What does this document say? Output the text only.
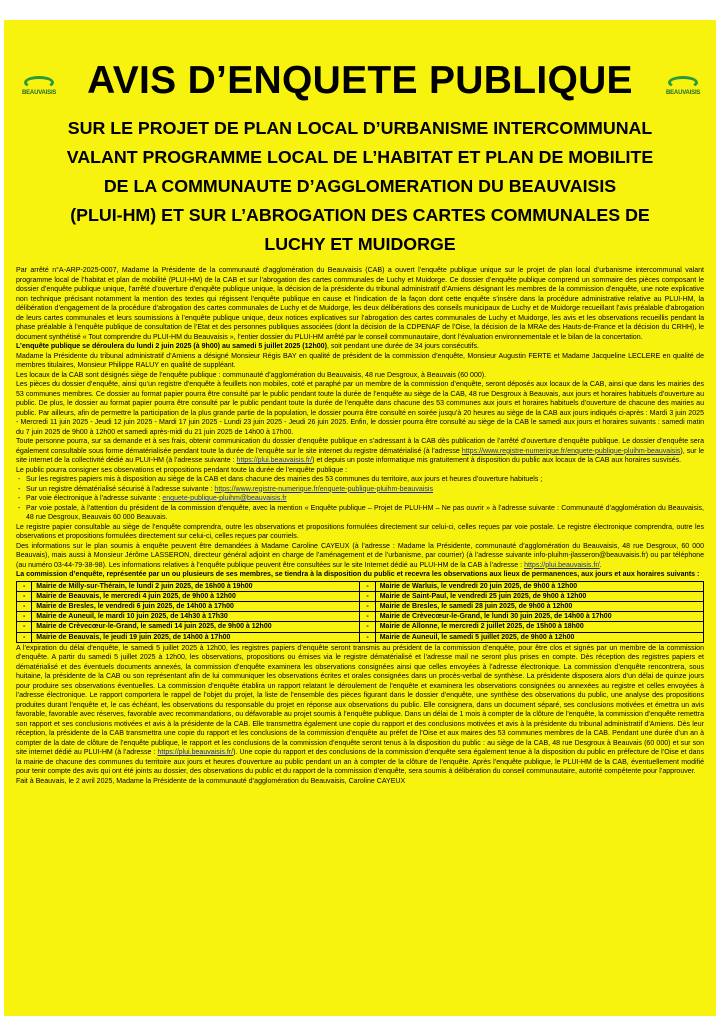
BEAUVAISIS	BEAUVAISIS
AVIS D’ENQUETE PUBLIQUE
SUR LE PROJET DE PLAN LOCAL D’URBANISME INTERCOMMUNAL
VALANT PROGRAMME LOCAL DE L’HABITAT ET PLAN DE MOBILITE
DE LA COMMUNAUTE D’AGGLOMERATION DU BEAUVAISIS
(PLUI-HM) ET SUR L’ABROGATION DES CARTES COMMUNALES DE
LUCHY ET MUIDORGE

Par arrêté n°A-ARP-2025-0007, Madame la Présidente de la communauté d’agglomération du Beauvaisis (CAB) a ouvert l’enquête publique unique sur le projet de plan local d’urbanisme intercommunal valant programme local de l’habitat et plan de mobilité (PLUI-HM) de la CAB et sur l’abrogation des cartes communales de Luchy et Muidorge. Ce dossier d’enquête publique comprend un sommaire des pièces composant le dossier d’enquête publique unique, l’arrêté d’ouverture d’enquête publique unique, la décision de la présidente du tribunal administratif d’Amiens désignant les membres de la commission d’enquête, une note explicative non technique précisant notamment la mention des textes qui régissent l’enquête publique en cause et l’indication de la façon dont cette enquête s’insère dans la procédure administrative relative au PLUI-HM, la délibération d’engagement de la procédure d’abrogation des cartes communales de Luchy et de Muidorge, les deux délibérations des conseils municipaux de Luchy et de Muidorge recueillant l’avis préalable d’abrogation de leurs cartes communales et leurs soumissions à l’enquête publique unique, deux notices explicatives sur l’abrogation des cartes communales de Luchy et Muidorge, les avis et les observations recueillis pendant la phase préalable à l’enquête publique de consultation de l’Etat et des personnes publiques associées (dont la décision de la CDPENAF de l’Oise, la décision de la MRAe des Hauts-de-France et la décision du CRHH), le document synthétisé « Tout comprendre du PLUI-HM du Beauvaisis », l’entier dossier du PLUI-HM arrêté par le conseil communautaire, dont l’évaluation environnementale et le bilan de la concertation.

L’enquête publique se déroulera du lundi 2 juin 2025 (à 9h00) au samedi 5 juillet 2025 (12h00), soit pendant une durée de 34 jours consécutifs.

Madame la Présidente du tribunal administratif d’Amiens a désigné Monsieur Régis BAY en qualité de président de la commission d’enquête, Monsieur Augustin FERTE et Madame Jacqueline LECLERE en qualité de membres titulaires, Monsieur Philippe RALUY en qualité de suppléant.

Les locaux de la CAB sont désignés siège de l’enquête publique : communauté d’agglomération du Beauvaisis, 48 rue Desgroux, à Beauvais (60 000).

Les pièces du dossier d’enquête, ainsi qu’un registre d’enquête à feuillets non mobiles, coté et paraphé par un membre de la commission d’enquête, seront déposés aux locaux de la CAB, ainsi que dans les mairies des 53 communes membres. Ce dossier au format papier pourra être consulté par le public pendant toute la durée de l’enquête au siège de la CAB, 48 rue Desgroux à Beauvais, aux jours et horaires habituels d’ouverture au public. De plus, le dossier au format papier pourra être consulté par le public pendant toute la durée de l’enquête dans chacune des 53 communes aux jours et horaires habituels d’ouverture de chacune des mairies au public. Par ailleurs, afin de permettre la participation de la plus grande partie de la population, le dossier pourra être consulté en soirée jusqu’à 20 heures au siège de la CAB aux jours indiqués ci-après : Mardi 3 juin 2025 - Mercredi 11 juin 2025 - Jeudi 12 juin 2025 - Mardi 17 juin 2025 - Lundi 23 juin 2025 - Jeudi 26 juin 2025. Enfin, le dossier pourra être consulté au siège de la CAB le samedi aux jours et horaires suivants : samedi matin du 7 juin 2025 de 9h00 à 12h00 et samedi après-midi du 21 juin 2025 de 14h00 à 17h00.

Toute personne pourra, sur sa demande et à ses frais, obtenir communication du dossier d’enquête publique en s’adressant à la CAB dès publication de l’arrêté d’ouverture d’enquête publique. Le dossier d’enquête sera également consultable sous forme dématérialisée pendant toute la durée de l’enquête sur le site internet du registre dématérialisé (à l’adresse https://www.registre-numerique.fr/enquete-publique-pluihm-beauvaisis), sur le site internet de la collectivité dédié au PLUI-HM (à l’adresse suivante : https://plui.beauvaisis.fr/) et depuis un poste informatique mis gratuitement à disposition du public aux locaux de la CAB aux horaires susvisés.

Le public pourra consigner ses observations et propositions pendant toute la durée de l’enquête publique :

- Sur les registres papiers mis à disposition au siège de la CAB et dans chacune des mairies des 53 communes du territoire, aux jours et heures d’ouverture habituels ;
- Sur un registre dématérialisé sécurisé à l’adresse suivante : https://www.registre-numerique.fr/enquete-publique-pluihm-beauvaisis
- Par voie électronique à l’adresse suivante : enquete-publique-pluihm@beauvaisis.fr
- Par voie postale, à l’attention du président de la commission d’enquête, avec la mention « Enquête publique – Projet de PLUI-HM – Ne pas ouvrir » à l’adresse suivante : Communauté d’agglomération du Beauvaisis, 48 rue Desgroux, Beauvais 60 000 Beauvais.

Le registre papier consultable au siège de l’enquête comprendra, outre les observations et propositions formulées directement sur celui-ci, celles reçues par voie postale. Le registre électronique comprendra, outre les observations et propositions formulées directement sur celui-ci, celles reçues par courriels.

Des informations sur le plan soumis à enquête peuvent être demandées à Madame Caroline CAYEUX (à l’adresse : Madame la Présidente, communauté d’agglomération du Beauvaisis, 48 rue Desgroux, 60 000 Beauvais), mais aussi à Monsieur Jérôme LASSERON, directeur général adjoint en charge de l’aménagement et de l’urbanisme, par courrier) (à l’adresse suivante info-pluihm-jlasseron@beauvaisis.fr) ou par téléphone (au numéro 03-44-79-38-98). Les informations relatives à l’enquête publique peuvent être consultées sur le site Internet dédié au PLUI-HM de la CAB à l’adresse : https://plui.beauvaisis.fr/.

La commission d’enquête, représentée par un ou plusieurs de ses membres, se tiendra à la disposition du public et recevra les observations aux lieux de permanences, aux jours et aux horaires suivants :

-	Mairie de Milly-sur-Thérain, le lundi 2 juin 2025, de 16h00 à 19h00	-	Mairie de Warluis, le vendredi 20 juin 2025, de 9h00 à 12h00
-	Mairie de Beauvais, le mercredi 4 juin 2025, de 9h00 à 12h00	-	Mairie de Saint-Paul, le vendredi 25 juin 2025, de 9h00 à 12h00
-	Mairie de Bresles, le vendredi 6 juin 2025, de 14h00 à 17h00	-	Mairie de Bresles, le samedi 28 juin 2025, de 9h00 à 12h00
-	Mairie de Auneuil, le mardi 10 juin 2025, de 14h30 à 17h30	-	Mairie de Crèvecœur-le-Grand, le lundi 30 juin 2025, de 14h00 à 17h00
-	Mairie de Crèvecœur-le-Grand, le samedi 14 juin 2025, de 9h00 à 12h00	-	Mairie de Allonne, le mercredi 2 juillet 2025, de 15h00 à 18h00
-	Mairie de Beauvais, le jeudi 19 juin 2025, de 14h00 à 17h00	-	Mairie de Auneuil, le samedi 5 juillet 2025, de 9h00 à 12h00

A l’expiration du délai d’enquête, le samedi 5 juillet 2025 à 12h00, les registres papiers d’enquête seront transmis au président de la commission d’enquête, pour être clos et signés par un membre de la commission d’enquête. A partir du samedi 5 juillet 2025 à 12h00, les observations, propositions ou émises via le registre dématérialisé et l’adresse mail ne seront plus prises en compte. Dès réception des registres papiers et dématérialisé et des éventuels documents annexés, la commission d’enquête examinera les observations consignées ainsi que celles envoyées à l’adresse électronique. La commission d’enquête rencontrera, sous huitaine, la présidente de la CAB ou son représentant afin de lui communiquer les observations écrites et orales consignées dans un procès-verbal de synthèse. La présidente disposera alors d’un délai de quinze jours pour produire ses observations éventuelles. La commission d’enquête établira un rapport relatant le déroulement de l’enquête et examinera les observations consignées ou annexées au registre et celles envoyées à l’adresse électronique. Le rapport comportera le rappel de l’objet du projet, la liste de l’ensemble des pièces figurant dans le dossier d’enquête, une synthèse des observations du public, une analyse des propositions produites durant l’enquête et, le cas échéant, les observations du responsable du projet en réponse aux observations du public. Elle consignera, dans un document séparé, ses conclusions motivées et émettra un avis favorable, favorable avec réserves, favorable avec recommandations, ou défavorable au projet soumis à l’enquête publique. Dans un délai de 1 mois à compter de la clôture de l’enquête, la commission d’enquête remettra son rapport et ses conclusions motivées et avis à la présidente de la CAB. Elle transmettra également une copie du rapport et des conclusions motivées et avis à la présidente du tribunal administratif d’Amiens. Dès leur réception, la présidente de la CAB transmettra une copie du rapport et les conclusions de la commission d’enquête au préfet de l’Oise et aux maires des 53 communes membres de la CAB. Pendant une durée d’un an à compter de la date de clôture de l’enquête publique, le rapport et les conclusions de la commission d’enquête seront tenus à la disposition du public : au siège de la CAB, 48 rue Desgroux à Beauvais (60 000) et sur son site internet dédié au PLUI-HM (à l’adresse : https://plui.beauvaisis.fr/). Une copie du rapport et des conclusions de la commission d’enquête sera également tenue à la disposition du public en préfecture de l’Oise et dans la mairie de chacune des communes du territoire aux jours et heures d’ouverture au public pendant un an à compter de la clôture de l’enquête. Après l’enquête publique, le PLUI-HM de la CAB, éventuellement modifié pour tenir compte des avis qui ont été joints au dossier, des observations du public et du rapport de la commission d’enquête, sera soumis à délibération du conseil communautaire, autorité compétente pour l’approuver.

Fait à Beauvais, le 2 avril 2025, Madame la Présidente de la communauté d’agglomération du Beauvaisis, Caroline CAYEUX
